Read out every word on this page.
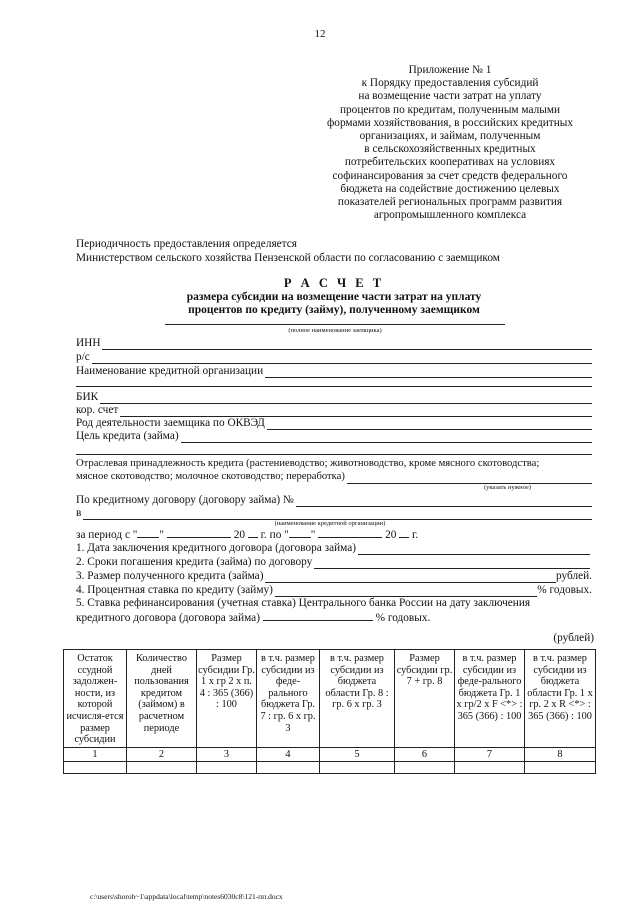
12
Приложение № 1
к Порядку предоставления субсидий
на возмещение части затрат на уплату
процентов по кредитам, полученным малыми
формами хозяйствования, в российских кредитных
организациях, и займам, полученным
в сельскохозяйственных кредитных
потребительских кооперативах на условиях
софинансирования за счет средств федерального
бюджета на содействие достижению целевых
показателей региональных программ развития
агропромышленного комплекса
Периодичность предоставления определяется
Министерством сельского хозяйства Пензенской области по согласованию с заемщиком
Р А С Ч Е Т
размера субсидии на возмещение части затрат на уплату
процентов по кредиту (займу), полученному заемщиком
(полное наименование заемщика)
ИНН
р/с
Наименование кредитной организации
БИК
кор. счет
Род деятельности заемщика по ОКВЭД
Цель кредита (займа)
Отраслевая принадлежность кредита (растениеводство; животноводство, кроме мясного скотоводства;
мясное скотоводство; молочное скотоводство; переработка)
(указать нужное)
По кредитному договору (договору займа) №
в
(наименование кредитной организации)
за период с " "	20 г. по " "	20 г.
1. Дата заключения кредитного договора (договора займа)
2. Сроки погашения кредита (займа) по договору
3. Размер полученного кредита (займа)	рублей.
4. Процентная ставка по кредиту (займу)	% годовых.
5. Ставка рефинансирования (учетная ставка) Центрального банка России на дату заключения
кредитного договора (договора займа)	% годовых.
(рублей)
Остаток ссудной задолжен-ности, из которой исчисля-ется размер субсидии	Количество дней пользования кредитом (займом) в расчетном периоде	Размер субсидии Гр. 1 х гр 2 х п. 4 : 365 (366) : 100	в т.ч. размер субсидии из феде-рального бюджета Гр. 7 : гр. 6 х гр. 3	в т.ч. размер субсидии из бюджета области Гр. 8 : гр. 6 х гр. 3	Размер субсидии гр. 7 + гр. 8	в т.ч. размер субсидии из феде-рального бюджета Гр. 1 х гр/2 х F <*> : 365 (366) : 100	в т.ч. размер субсидии из бюджета области Гр. 1 х гр. 2 х R <*> : 365 (366) : 100
1	2	3	4	5	6	7	8

c:\users\shoroh~1\appdata\local\temp\notes6030c8\121-пп.docx
